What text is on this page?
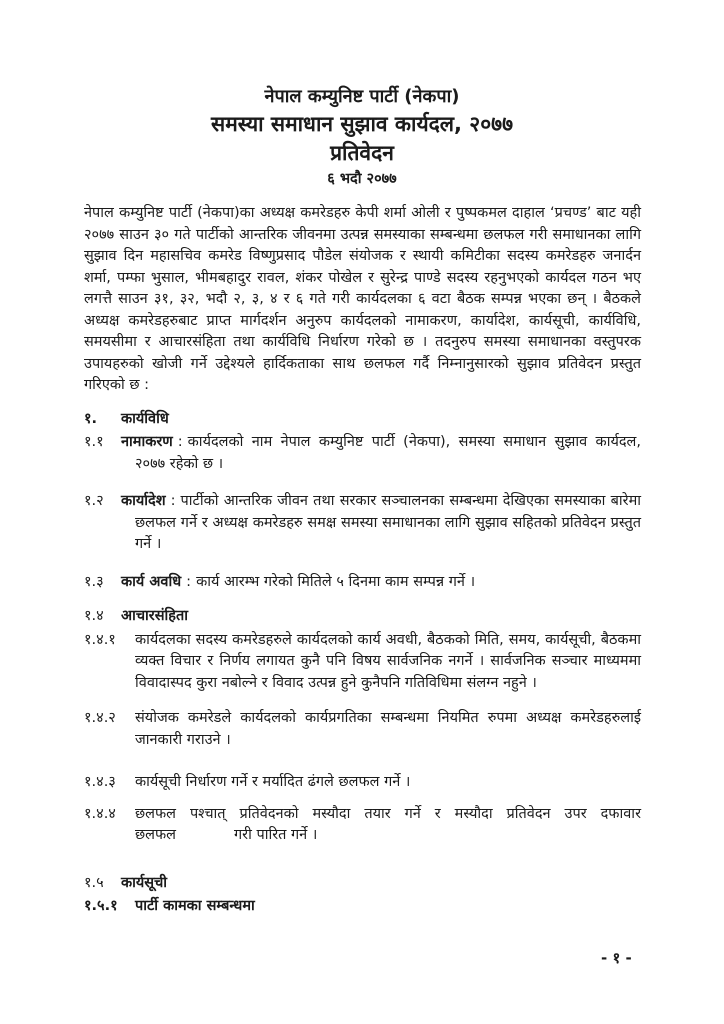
नेपाल कम्युनिष्ट पार्टी (नेकपा)
समस्या समाधान सुझाव कार्यदल, २०७७
प्रतिवेदन
६ भदौ २०७७

नेपाल कम्युनिष्ट पार्टी (नेकपा)का अध्यक्ष कमरेडहरु केपी शर्मा ओली र पुष्पकमल दाहाल ‘प्रचण्ड’ बाट यही २०७७ साउन ३० गते पार्टीको आन्तरिक जीवनमा उत्पन्न समस्याका सम्बन्धमा छलफल गरी समाधानका लागि सुझाव दिन महासचिव कमरेड विष्णुप्रसाद पौडेल संयोजक र स्थायी कमिटीका सदस्य कमरेडहरु जनार्दन शर्मा, पम्फा भुसाल, भीमबहादुर रावल, शंकर पोखेल र सुरेन्द्र पाण्डे सदस्य रहनुभएको कार्यदल गठन भए लगत्तै साउन ३१, ३२, भदौ २, ३, ४ र ६ गते गरी कार्यदलका ६ वटा बैठक सम्पन्न भएका छन् । बैठकले अध्यक्ष कमरेडहरुबाट प्राप्त मार्गदर्शन अनुरुप कार्यदलको नामाकरण, कार्यादेश, कार्यसूची, कार्यविधि, समयसीमा र आचारसंहिता तथा कार्यविधि निर्धारण गरेको छ । तदनुरुप समस्या समाधानका वस्तुपरक उपायहरुको खोजी गर्ने उद्देश्यले हार्दिकताका साथ छलफल गर्दै निम्नानुसारको सुझाव प्रतिवेदन प्रस्तुत गरिएको छ :

१. कार्यविधि

१.१ नामाकरण : कार्यदलको नाम नेपाल कम्युनिष्ट पार्टी (नेकपा), समस्या समाधान सुझाव कार्यदल, २०७७ रहेको छ ।

१.२ कार्यादेश : पार्टीको आन्तरिक जीवन तथा सरकार सञ्चालनका सम्बन्धमा देखिएका समस्याका बारेमा छलफल गर्ने र अध्यक्ष कमरेडहरु समक्ष समस्या समाधानका लागि सुझाव सहितको प्रतिवेदन प्रस्तुत गर्ने ।

१.३ कार्य अवधि : कार्य आरम्भ गरेको मितिले ५ दिनमा काम सम्पन्न गर्ने ।

१.४ आचारसंहिता

१.४.१ कार्यदलका सदस्य कमरेडहरुले कार्यदलको कार्य अवधी, बैठकको मिति, समय, कार्यसूची, बैठकमा व्यक्त विचार र निर्णय लगायत कुनै पनि विषय सार्वजनिक नगर्ने । सार्वजनिक सञ्चार माध्यममा विवादास्पद कुरा नबोल्ने र विवाद उत्पन्न हुने कुनैपनि गतिविधिमा संलग्न नहुने ।

१.४.२ संयोजक कमरेडले कार्यदलको कार्यप्रगतिका सम्बन्धमा नियमित रुपमा अध्यक्ष कमरेडहरुलाई जानकारी गराउने ।

१.४.३ कार्यसूची निर्धारण गर्ने र मर्यादित ढंगले छलफल गर्ने ।

१.४.४ छलफल पश्चात् प्रतिवेदनको मस्यौदा तयार गर्ने र मस्यौदा प्रतिवेदन उपर दफावार छलफल    गरी पारित गर्ने ।

१.५ कार्यसूची

१.५.१ पार्टी कामका सम्बन्धमा

- १ -
